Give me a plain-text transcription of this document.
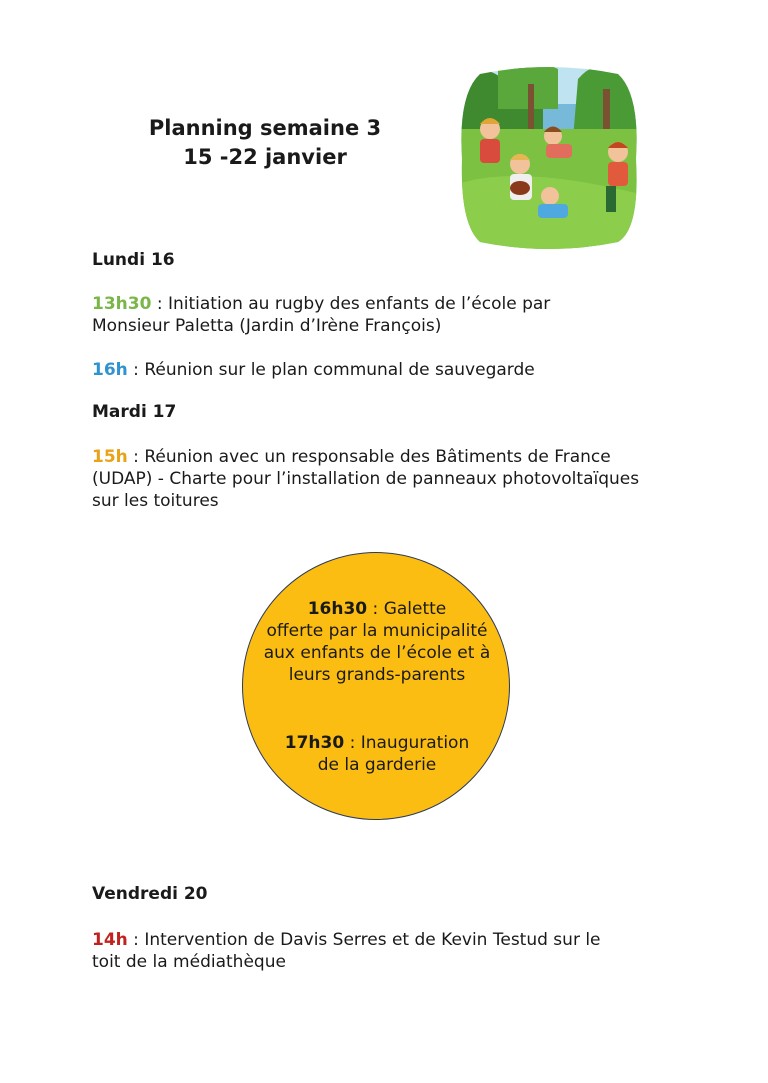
Planning semaine 3
15 -22 janvier
Lundi 16
13h30 : Initiation au rugby des enfants de l’école par
Monsieur Paletta (Jardin d’Irène François)
16h : Réunion sur le plan communal de sauvegarde
Mardi 17
15h : Réunion avec un responsable des Bâtiments de France
(UDAP) - Charte pour l’installation de panneaux photovoltaïques
sur les toitures
16h30 : Galette
offerte par la municipalité
aux enfants de l’école et à
leurs grands-parents
17h30 : Inauguration
de la garderie
Vendredi 20
14h : Intervention de Davis Serres et de Kevin Testud sur le
toit de la médiathèque
